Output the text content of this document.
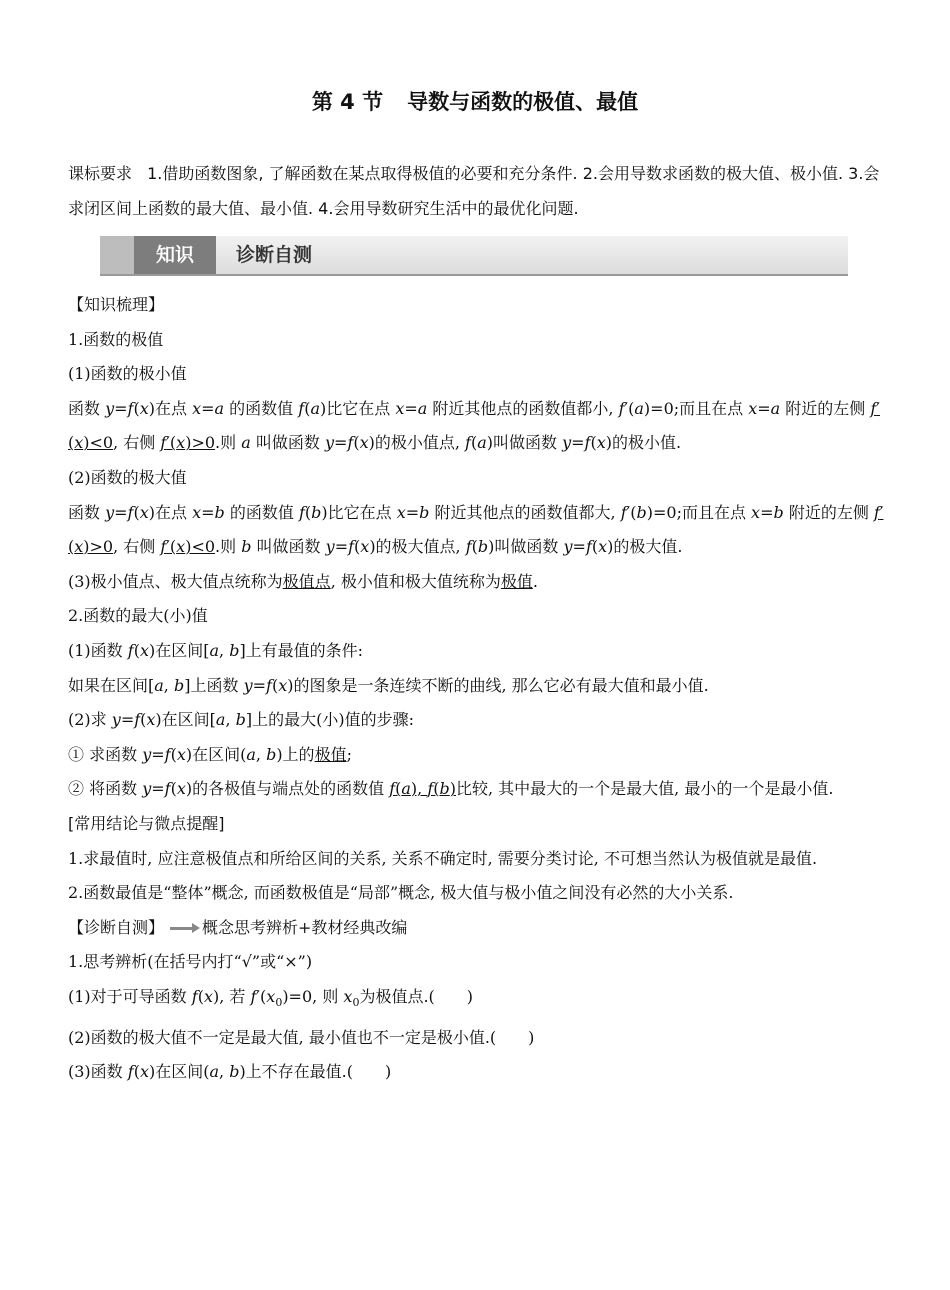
第 4 节 导数与函数的极值、最值
课标要求 1.借助函数图象, 了解函数在某点取得极值的必要和充分条件. 2.会用导数求函数的极大值、极小值. 3.会求闭区间上函数的最大值、最小值. 4.会用导数研究生活中的最优化问题.
知识	诊断自测

【知识梳理】

1.函数的极值

(1)函数的极小值

函数 y=f(x)在点 x=a 的函数值 f(a)比它在点 x=a 附近其他点的函数值都小, f′(a)=0;而且在点 x=a 附近的左侧 f′(x)<0, 右侧 f′(x)>0.则 a 叫做函数 y=f(x)的极小值点, f(a)叫做函数 y=f(x)的极小值.

(2)函数的极大值

函数 y=f(x)在点 x=b 的函数值 f(b)比它在点 x=b 附近其他点的函数值都大, f′(b)=0;而且在点 x=b 附近的左侧 f′(x)>0, 右侧 f′(x)<0.则 b 叫做函数 y=f(x)的极大值点, f(b)叫做函数 y=f(x)的极大值.

(3)极小值点、极大值点统称为极值点, 极小值和极大值统称为极值.

2.函数的最大(小)值

(1)函数 f(x)在区间[a, b]上有最值的条件:

如果在区间[a, b]上函数 y=f(x)的图象是一条连续不断的曲线, 那么它必有最大值和最小值.

(2)求 y=f(x)在区间[a, b]上的最大(小)值的步骤:

① 求函数 y=f(x)在区间(a, b)上的极值;

② 将函数 y=f(x)的各极值与端点处的函数值 f(a), f(b)比较, 其中最大的一个是最大值, 最小的一个是最小值.

[常用结论与微点提醒]

1.求最值时, 应注意极值点和所给区间的关系, 关系不确定时, 需要分类讨论, 不可想当然认为极值就是最值.

2.函数最值是“整体”概念, 而函数极值是“局部”概念, 极大值与极小值之间没有必然的大小关系.

【诊断自测】 概念思考辨析+教材经典改编

1.思考辨析(在括号内打“√”或“×”)

(1)对于可导函数 f(x), 若 $f'(x_0)=0$, 则 $x_0$为极值点.( )

(2)函数的极大值不一定是最大值, 最小值也不一定是极小值.( )

(3)函数 f(x)在区间(a, b)上不存在最值.( )
